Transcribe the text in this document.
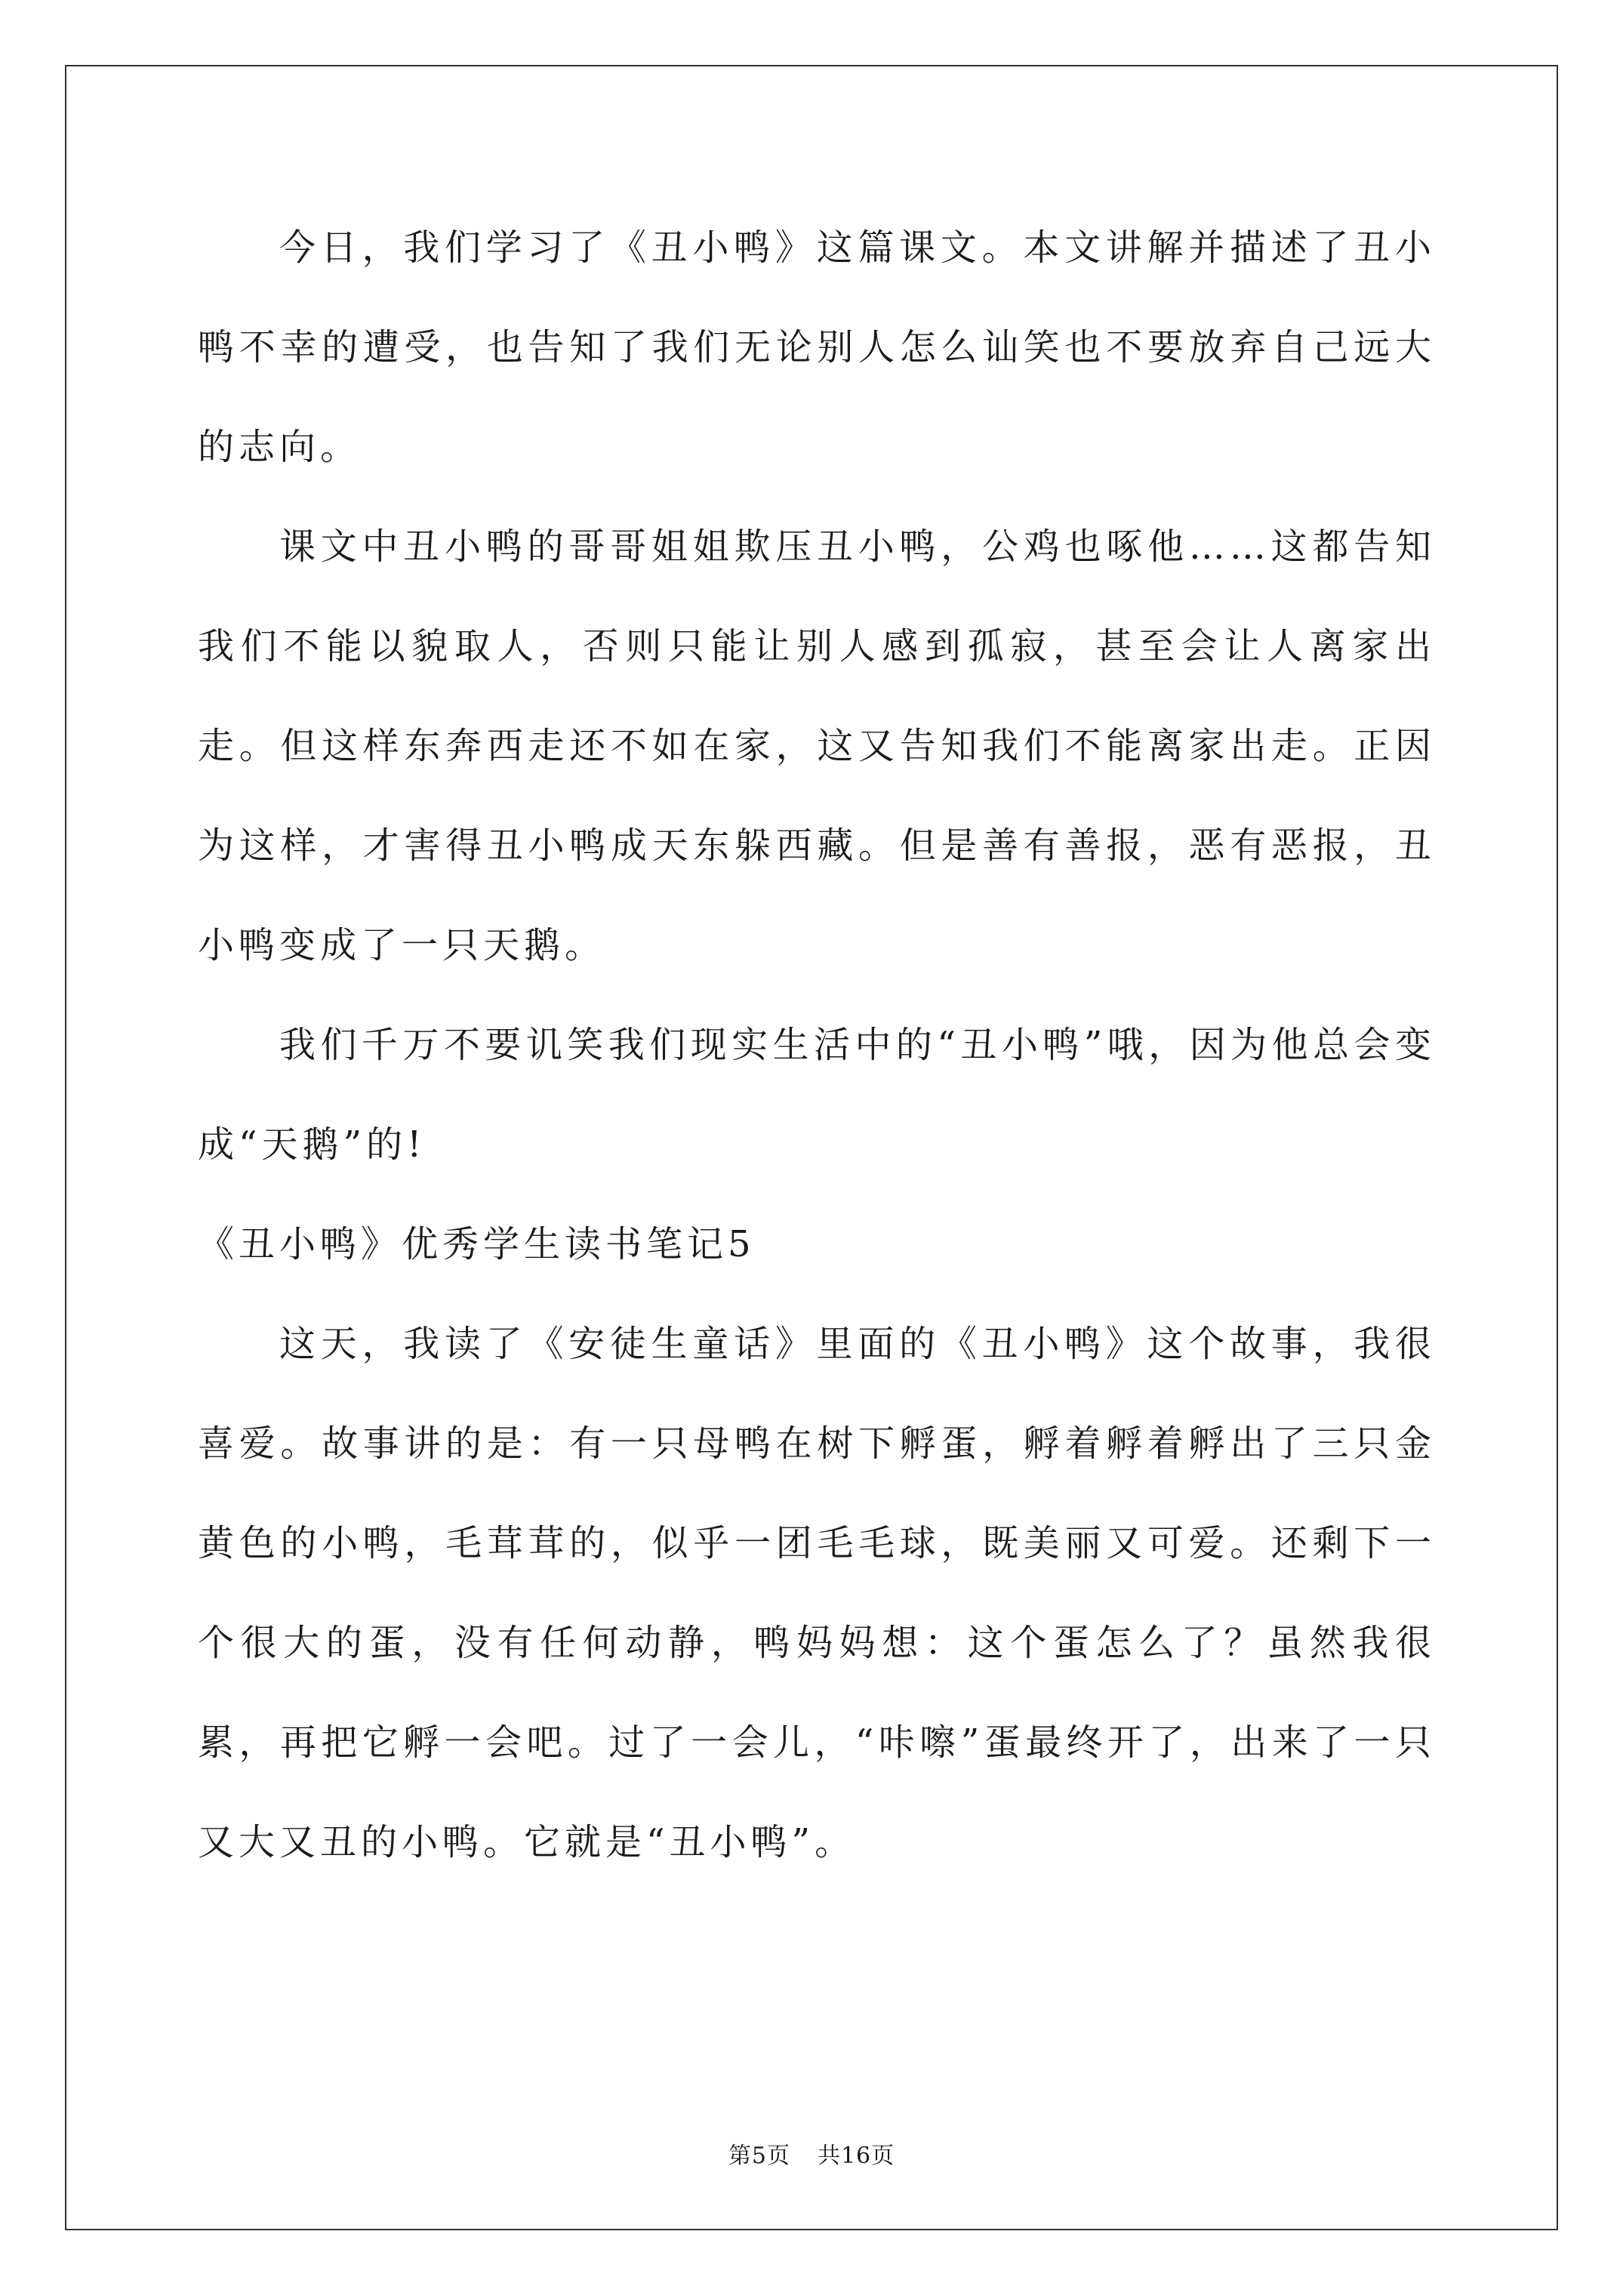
今日，我们学习了《丑小鸭》这篇课文。本文讲解并描述了丑小鸭不幸的遭受，也告知了我们无论别人怎么讪笑也不要放弃自己远大的志向。

课文中丑小鸭的哥哥姐姐欺压丑小鸭，公鸡也啄他……这都告知我们不能以貌取人，否则只能让别人感到孤寂，甚至会让人离家出走。但这样东奔西走还不如在家，这又告知我们不能离家出走。正因为这样，才害得丑小鸭成天东躲西藏。但是善有善报，恶有恶报，丑小鸭变成了一只天鹅。

我们千万不要讥笑我们现实生活中的“丑小鸭”哦，因为他总会变成“天鹅”的!

《丑小鸭》优秀学生读书笔记5

这天，我读了《安徒生童话》里面的《丑小鸭》这个故事，我很喜爱。故事讲的是：有一只母鸭在树下孵蛋，孵着孵着孵出了三只金黄色的小鸭，毛茸茸的，似乎一团毛毛球，既美丽又可爱。还剩下一个很大的蛋，没有任何动静，鸭妈妈想：这个蛋怎么了？虽然我很累，再把它孵一会吧。过了一会儿，“咔嚓”蛋最终开了，出来了一只又大又丑的小鸭。它就是“丑小鸭”。

第5页 共16页
